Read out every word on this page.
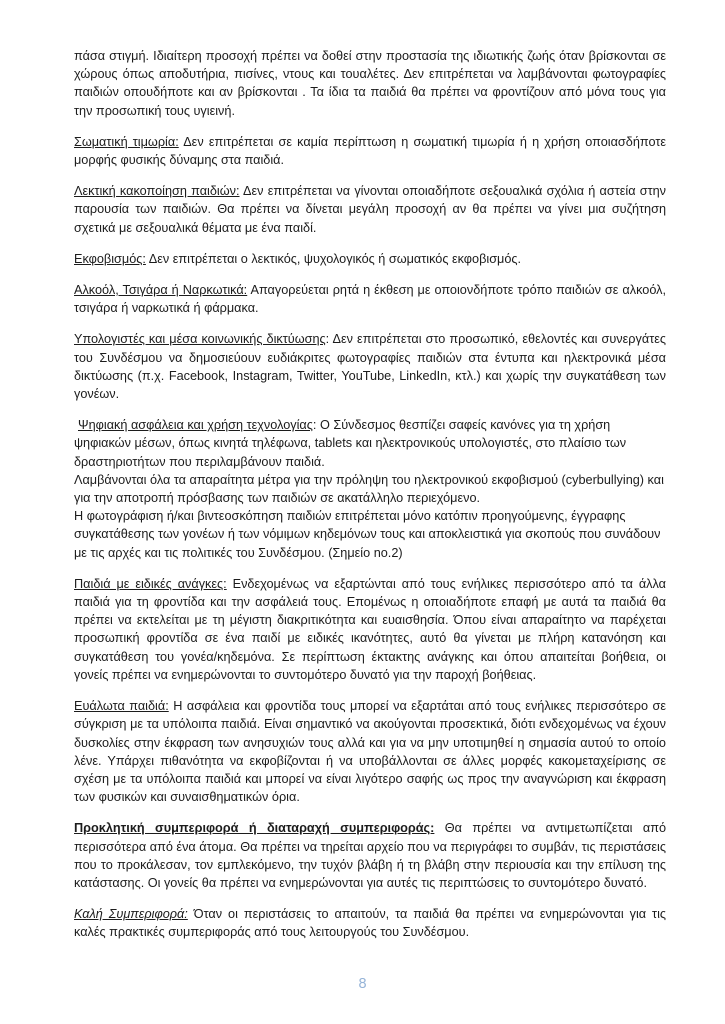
πάσα στιγμή. Ιδιαίτερη προσοχή πρέπει να δοθεί στην προστασία της ιδιωτικής ζωής όταν βρίσκονται σε χώρους όπως αποδυτήρια, πισίνες, ντους και τουαλέτες. Δεν επιτρέπεται να λαμβάνονται φωτογραφίες παιδιών οπουδήποτε και αν βρίσκονται . Τα ίδια τα παιδιά θα πρέπει να φροντίζουν από μόνα τους για την προσωπική τους υγιεινή.

Σωματική τιμωρία: Δεν επιτρέπεται σε καμία περίπτωση η σωματική τιμωρία ή η χρήση οποιασδήποτε μορφής φυσικής δύναμης στα παιδιά.

Λεκτική κακοποίηση παιδιών: Δεν επιτρέπεται να γίνονται οποιαδήποτε σεξουαλικά σχόλια ή αστεία στην παρουσία των παιδιών. Θα πρέπει να δίνεται μεγάλη προσοχή αν θα πρέπει να γίνει μια συζήτηση σχετικά με σεξουαλικά θέματα με ένα παιδί.

Εκφοβισμός: Δεν επιτρέπεται ο λεκτικός, ψυχολογικός ή σωματικός εκφοβισμός.

Αλκοόλ, Τσιγάρα ή Ναρκωτικά: Απαγορεύεται ρητά η έκθεση με οποιονδήποτε τρόπο παιδιών σε αλκοόλ, τσιγάρα ή ναρκωτικά ή φάρμακα.

Υπολογιστές και μέσα κοινωνικής δικτύωσης: Δεν επιτρέπεται στο προσωπικό, εθελοντές και συνεργάτες του Συνδέσμου να δημοσιεύουν ευδιάκριτες φωτογραφίες παιδιών στα έντυπα και ηλεκτρονικά μέσα δικτύωσης (π.χ. Facebook, Instagram, Twitter, YouTube, LinkedIn, κτλ.) και χωρίς την συγκατάθεση των γονέων.

Ψηφιακή ασφάλεια και χρήση τεχνολογίας: Ο Σύνδεσμος θεσπίζει σαφείς κανόνες για τη χρήση ψηφιακών μέσων, όπως κινητά τηλέφωνα, tablets και ηλεκτρονικούς υπολογιστές, στο πλαίσιο των δραστηριοτήτων που περιλαμβάνουν παιδιά.
Λαμβάνονται όλα τα απαραίτητα μέτρα για την πρόληψη του ηλεκτρονικού εκφοβισμού (cyberbullying) και για την αποτροπή πρόσβασης των παιδιών σε ακατάλληλο περιεχόμενο.
Η φωτογράφιση ή/και βιντεοσκόπηση παιδιών επιτρέπεται μόνο κατόπιν προηγούμενης, έγγραφης συγκατάθεσης των γονέων ή των νόμιμων κηδεμόνων τους και αποκλειστικά για σκοπούς που συνάδουν με τις αρχές και τις πολιτικές του Συνδέσμου. (Σημείο no.2)

Παιδιά με ειδικές ανάγκες: Ενδεχομένως να εξαρτώνται από τους ενήλικες περισσότερο από τα άλλα παιδιά για τη φροντίδα και την ασφάλειά τους. Επομένως η οποιαδήποτε επαφή με αυτά τα παιδιά θα πρέπει να εκτελείται με τη μέγιστη διακριτικότητα και ευαισθησία. Όπου είναι απαραίτητο να παρέχεται προσωπική φροντίδα σε ένα παιδί με ειδικές ικανότητες, αυτό θα γίνεται με πλήρη κατανόηση και συγκατάθεση του γονέα/κηδεμόνα. Σε περίπτωση έκτακτης ανάγκης και όπου απαιτείται βοήθεια, οι γονείς πρέπει να ενημερώνονται το συντομότερο δυνατό για την παροχή βοήθειας.

Ευάλωτα παιδιά: Η ασφάλεια και φροντίδα τους μπορεί να εξαρτάται από τους ενήλικες περισσότερο σε σύγκριση με τα υπόλοιπα παιδιά. Είναι σημαντικό να ακούγονται προσεκτικά, διότι ενδεχομένως να έχουν δυσκολίες στην έκφραση των ανησυχιών τους αλλά και για να μην υποτιμηθεί η σημασία αυτού το οποίο λένε. Υπάρχει πιθανότητα να εκφοβίζονται ή να υποβάλλονται σε άλλες μορφές κακομεταχείρισης σε σχέση με τα υπόλοιπα παιδιά και μπορεί να είναι λιγότερο σαφής ως προς την αναγνώριση και έκφραση των φυσικών και συναισθηματικών όρια.

Προκλητική συμπεριφορά ή διαταραχή συμπεριφοράς: Θα πρέπει να αντιμετωπίζεται από περισσότερα από ένα άτομα. Θα πρέπει να τηρείται αρχείο που να περιγράφει το συμβάν, τις περιστάσεις που το προκάλεσαν, τον εμπλεκόμενο, την τυχόν βλάβη ή τη βλάβη στην περιουσία και την επίλυση της κατάστασης. Οι γονείς θα πρέπει να ενημερώνονται για αυτές τις περιπτώσεις το συντομότερο δυνατό.

Καλή Συμπεριφορά: Όταν οι περιστάσεις το απαιτούν, τα παιδιά θα πρέπει να ενημερώνονται για τις καλές πρακτικές συμπεριφοράς από τους λειτουργούς του Συνδέσμου.

8
